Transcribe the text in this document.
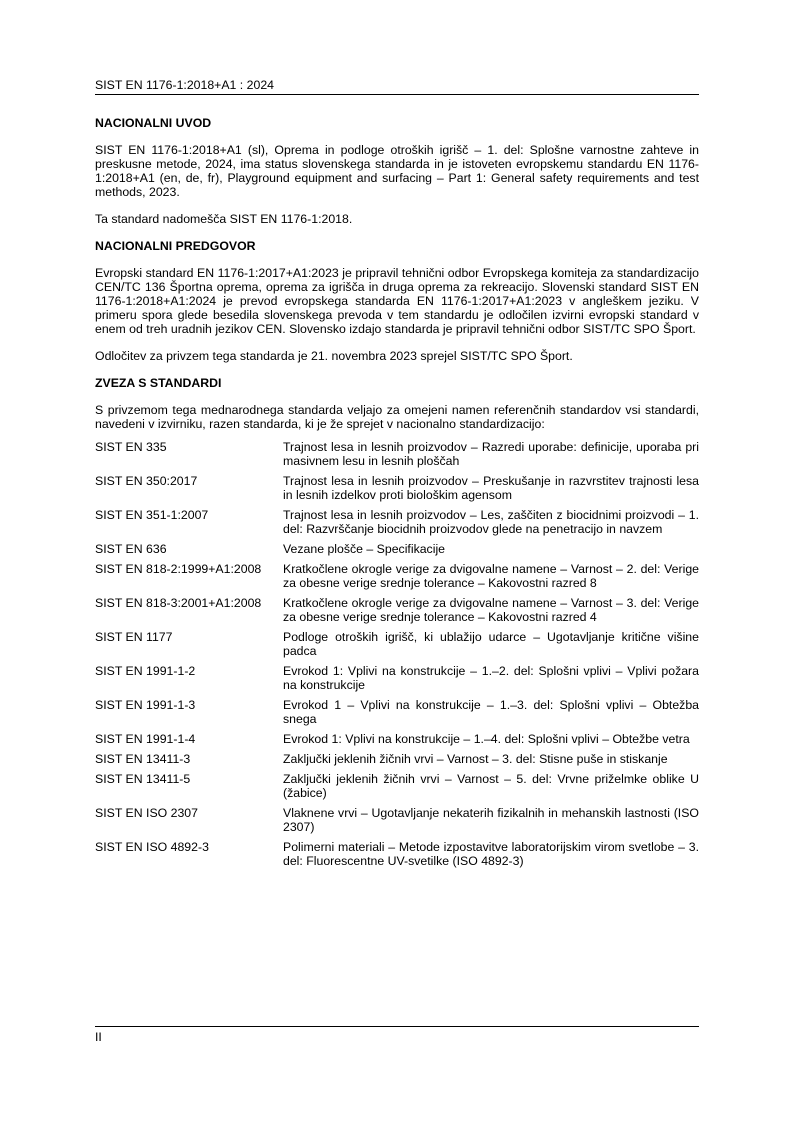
SIST EN 1176-1:2018+A1 : 2024
NACIONALNI UVOD

SIST EN 1176-1:2018+A1 (sl), Oprema in podloge otroških igrišč – 1. del: Splošne varnostne zahteve in preskusne metode, 2024, ima status slovenskega standarda in je istoveten evropskemu standardu EN 1176-1:2018+A1 (en, de, fr), Playground equipment and surfacing – Part 1: General safety requirements and test methods, 2023.

Ta standard nadomešča SIST EN 1176-1:2018.

NACIONALNI PREDGOVOR

Evropski standard EN 1176-1:2017+A1:2023 je pripravil tehnični odbor Evropskega komiteja za standardizacijo CEN/TC 136 Športna oprema, oprema za igrišča in druga oprema za rekreacijo. Slovenski standard SIST EN 1176-1:2018+A1:2024 je prevod evropskega standarda EN 1176-1:2017+A1:2023 v angleškem jeziku. V primeru spora glede besedila slovenskega prevoda v tem standardu je odločilen izvirni evropski standard v enem od treh uradnih jezikov CEN. Slovensko izdajo standarda je pripravil tehnični odbor SIST/TC SPO Šport.

Odločitev za privzem tega standarda je 21. novembra 2023 sprejel SIST/TC SPO Šport.

ZVEZA S STANDARDI

S privzemom tega mednarodnega standarda veljajo za omejeni namen referenčnih standardov vsi standardi, navedeni v izvirniku, razen standarda, ki je že sprejet v nacionalno standardizacijo:

SIST EN 335	Trajnost lesa in lesnih proizvodov – Razredi uporabe: definicije, uporaba pri masivnem lesu in lesnih ploščah
SIST EN 350:2017	Trajnost lesa in lesnih proizvodov – Preskušanje in razvrstitev trajnosti lesa in lesnih izdelkov proti biološkim agensom
SIST EN 351-1:2007	Trajnost lesa in lesnih proizvodov – Les, zaščiten z biocidnimi proizvodi – 1. del: Razvrščanje biocidnih proizvodov glede na penetracijo in navzem
SIST EN 636	Vezane plošče – Specifikacije
SIST EN 818-2:1999+A1:2008	Kratkočlene okrogle verige za dvigovalne namene – Varnost – 2. del: Verige za obesne verige srednje tolerance – Kakovostni razred 8
SIST EN 818-3:2001+A1:2008	Kratkočlene okrogle verige za dvigovalne namene – Varnost – 3. del: Verige za obesne verige srednje tolerance – Kakovostni razred 4
SIST EN 1177	Podloge otroških igrišč, ki ublažijo udarce – Ugotavljanje kritične višine padca
SIST EN 1991-1-2	Evrokod 1: Vplivi na konstrukcije – 1.–2. del: Splošni vplivi – Vplivi požara na konstrukcije
SIST EN 1991-1-3	Evrokod 1 – Vplivi na konstrukcije – 1.–3. del: Splošni vplivi – Obtežba snega
SIST EN 1991-1-4	Evrokod 1: Vplivi na konstrukcije – 1.–4. del: Splošni vplivi – Obtežbe vetra
SIST EN 13411-3	Zaključki jeklenih žičnih vrvi – Varnost – 3. del: Stisne puše in stiskanje
SIST EN 13411-5	Zaključki jeklenih žičnih vrvi – Varnost – 5. del: Vrvne priželmke oblike U (žabice)
SIST EN ISO 2307	Vlaknene vrvi – Ugotavljanje nekaterih fizikalnih in mehanskih lastnosti (ISO 2307)
SIST EN ISO 4892-3	Polimerni materiali – Metode izpostavitve laboratorijskim virom svetlobe – 3. del: Fluorescentne UV-svetilke (ISO 4892-3)
II
